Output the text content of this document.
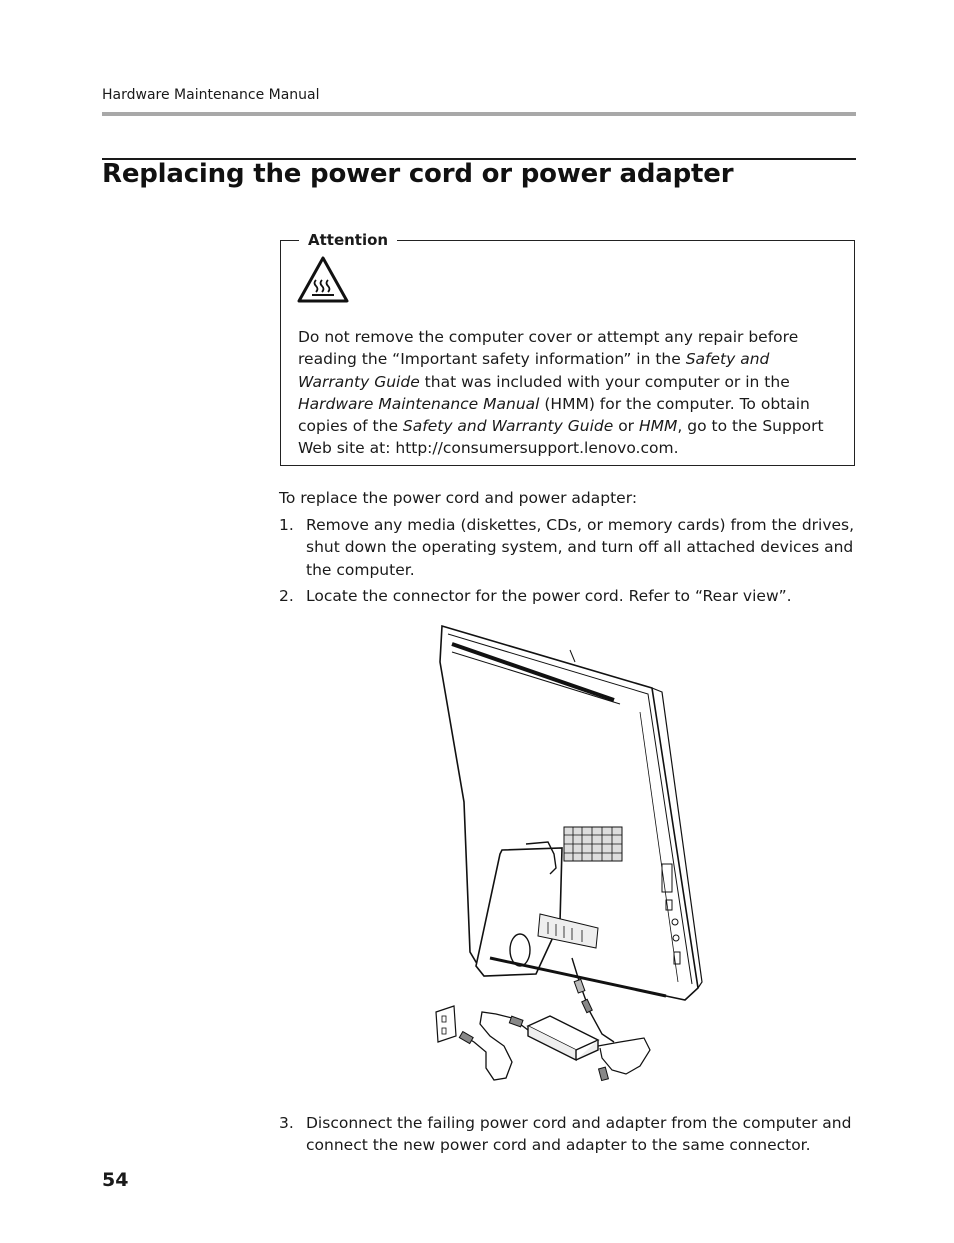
Hardware Maintenance Manual
Replacing the power cord or power adapter
Attention

Do not remove the computer cover or attempt any repair before reading the “Important safety information” in the Safety and Warranty Guide that was included with your computer or in the Hardware Maintenance Manual (HMM) for the computer. To obtain copies of the Safety and Warranty Guide or HMM, go to the Support Web site at: http://consumersupport.lenovo.com.

To replace the power cord and power adapter:

1. Remove any media (diskettes, CDs, or memory cards) from the drives, shut down the operating system, and turn off all attached devices and the computer.
2. Locate the connector for the power cord. Refer to “Rear view”.
3. Disconnect the failing power cord and adapter from the computer and connect the new power cord and adapter to the same connector.
54
